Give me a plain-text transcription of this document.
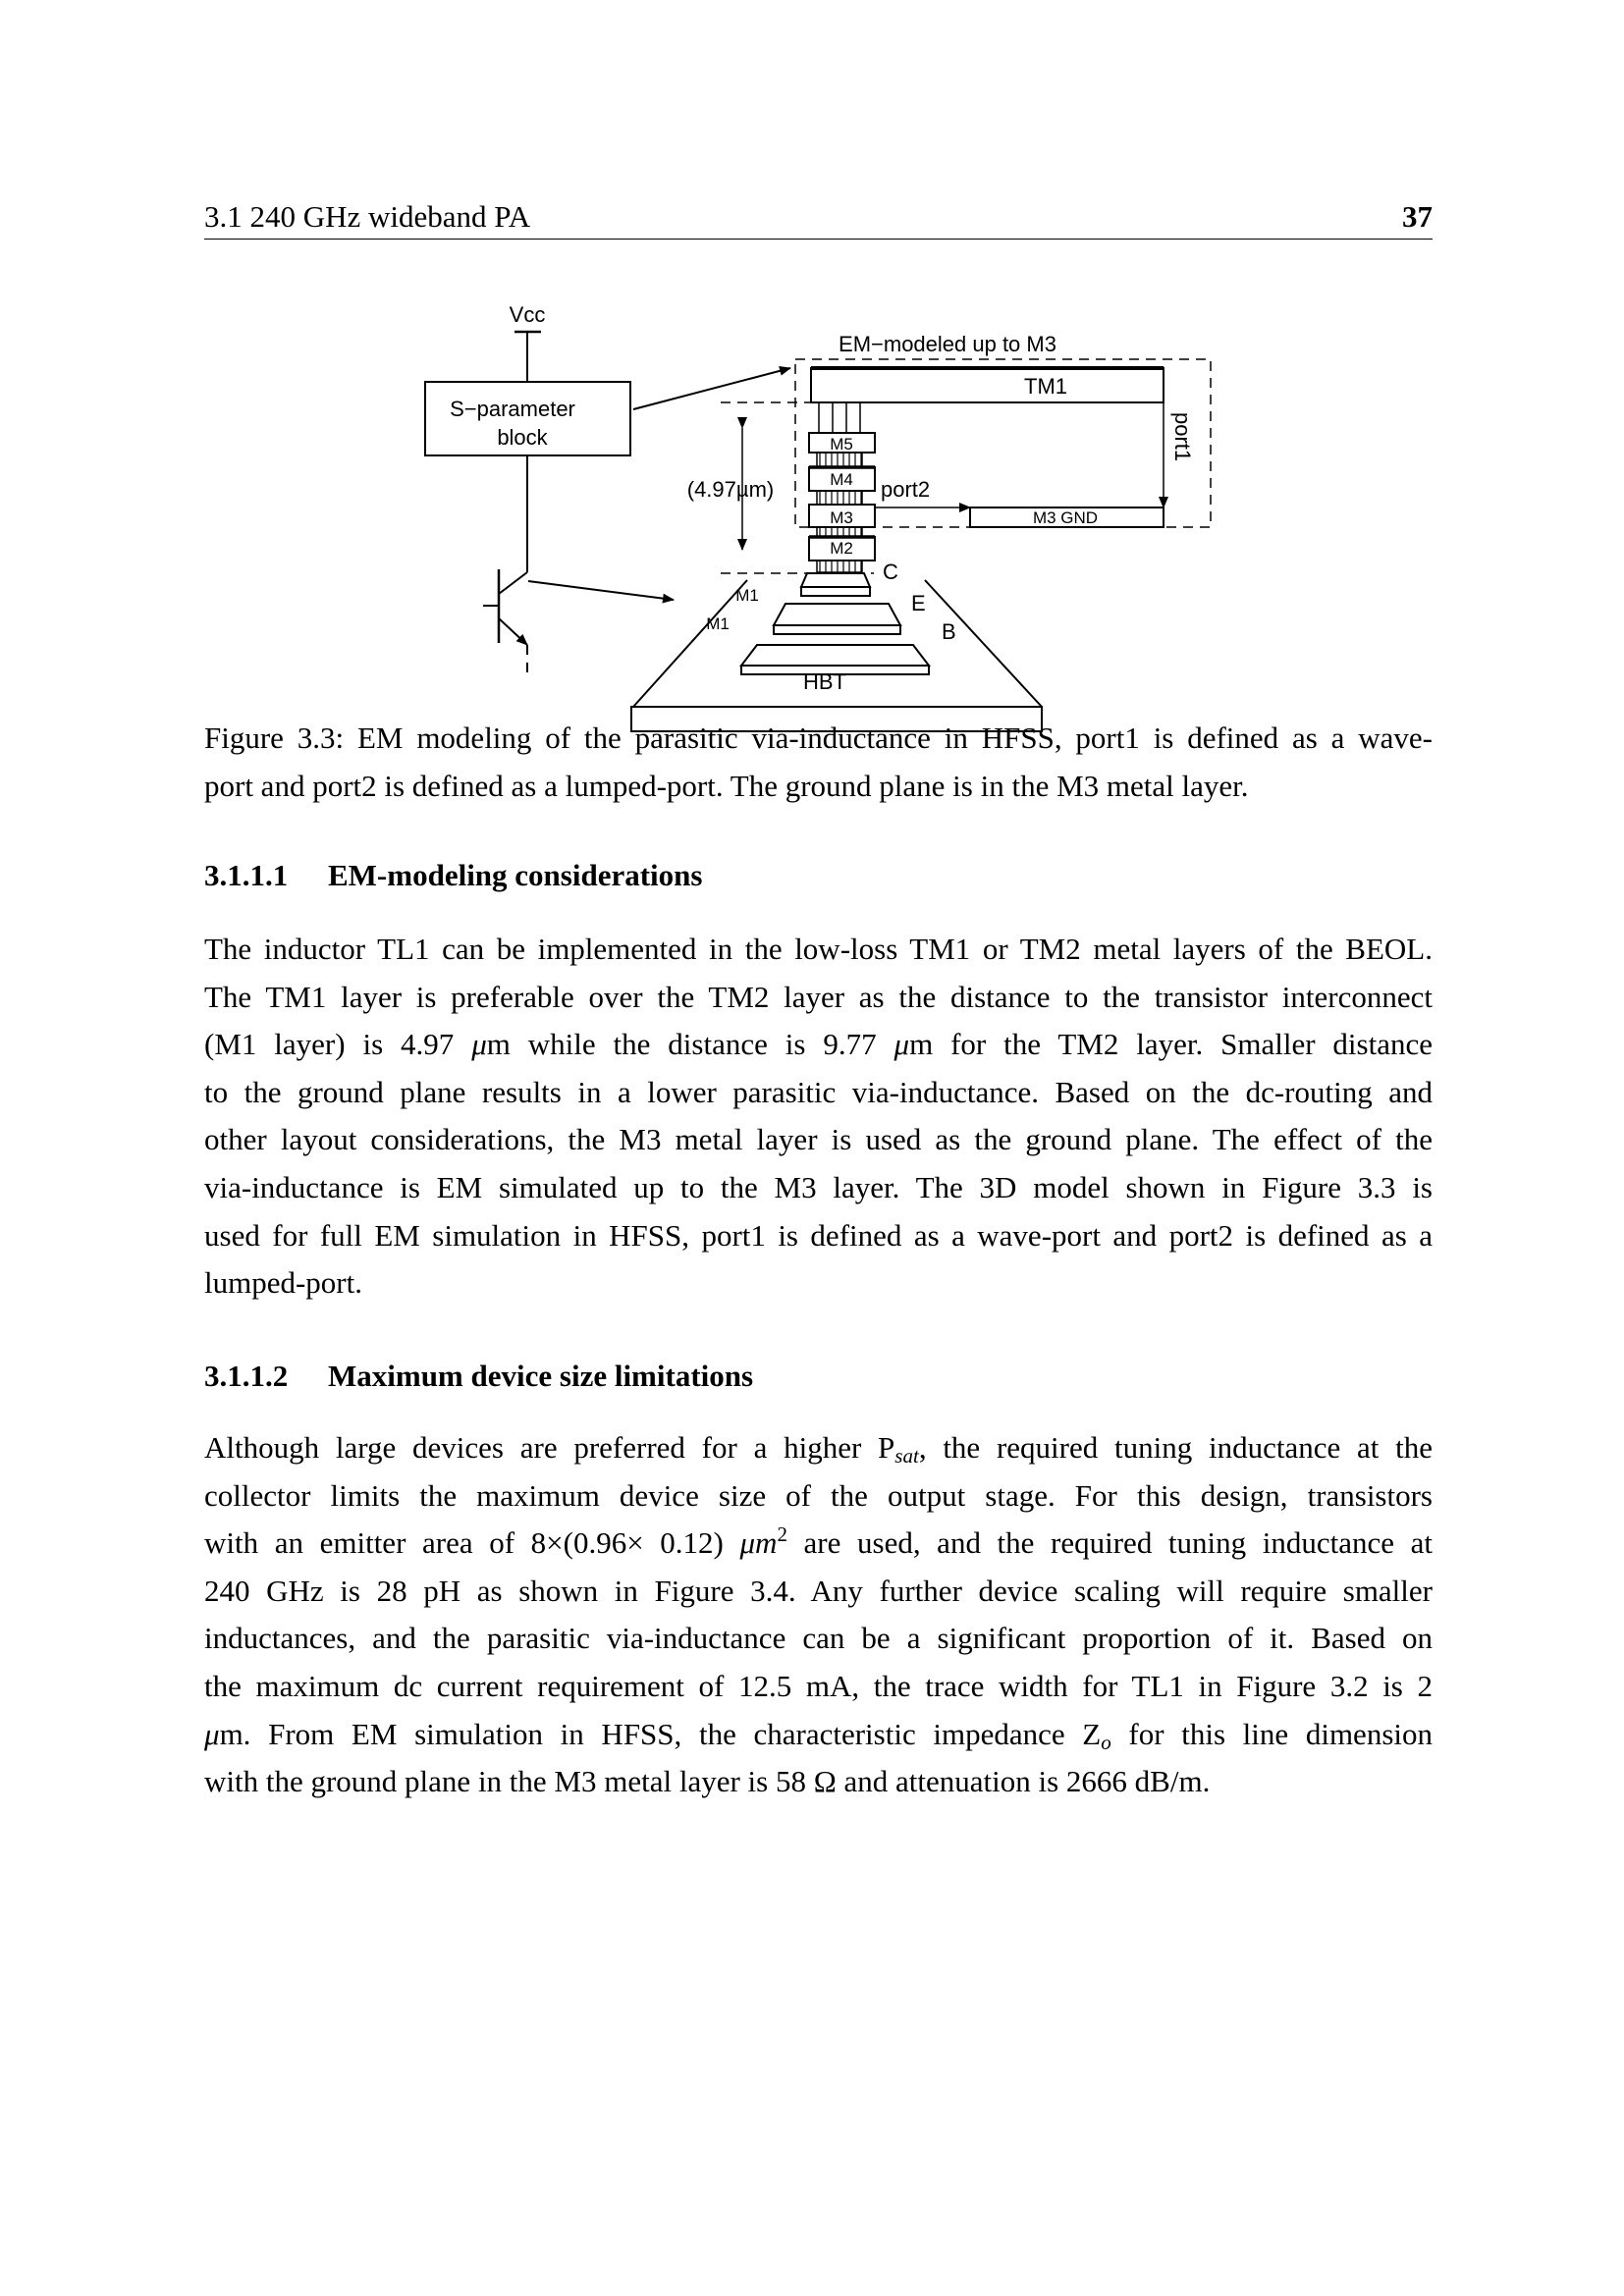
3.1 240 GHz wideband PA	37
Vcc
S−parameter
block
EM−modeled up to M3
TM1
port1
port2
(4.97µm)
C
E
B
HBT
M5
M4
M3
M2
M3 GND
M1
M1
Figure 3.3: EM modeling of the parasitic via-inductance in HFSS, port1 is defined as a wave-
port and port2 is defined as a lumped-port. The ground plane is in the M3 metal layer.
3.1.1.1 EM-modeling considerations
The inductor TL1 can be implemented in the low-loss TM1 or TM2 metal layers of the BEOL.
The TM1 layer is preferable over the TM2 layer as the distance to the transistor interconnect
(M1 layer) is 4.97 μm while the distance is 9.77 μm for the TM2 layer. Smaller distance
to the ground plane results in a lower parasitic via-inductance. Based on the dc-routing and
other layout considerations, the M3 metal layer is used as the ground plane. The effect of the
via-inductance is EM simulated up to the M3 layer. The 3D model shown in Figure 3.3 is
used for full EM simulation in HFSS, port1 is defined as a wave-port and port2 is defined as a
lumped-port.
3.1.1.2 Maximum device size limitations
Although large devices are preferred for a higher $P_{sat}$, the required tuning inductance at the
collector limits the maximum device size of the output stage. For this design, transistors
with an emitter area of 8×(0.96× 0.12) $\mu m^2$ are used, and the required tuning inductance at
240 GHz is 28 pH as shown in Figure 3.4. Any further device scaling will require smaller
inductances, and the parasitic via-inductance can be a significant proportion of it. Based on
the maximum dc current requirement of 12.5 mA, the trace width for TL1 in Figure 3.2 is 2
μm. From EM simulation in HFSS, the characteristic impedance $Z_o$ for this line dimension
with the ground plane in the M3 metal layer is 58 Ω and attenuation is 2666 dB/m.
